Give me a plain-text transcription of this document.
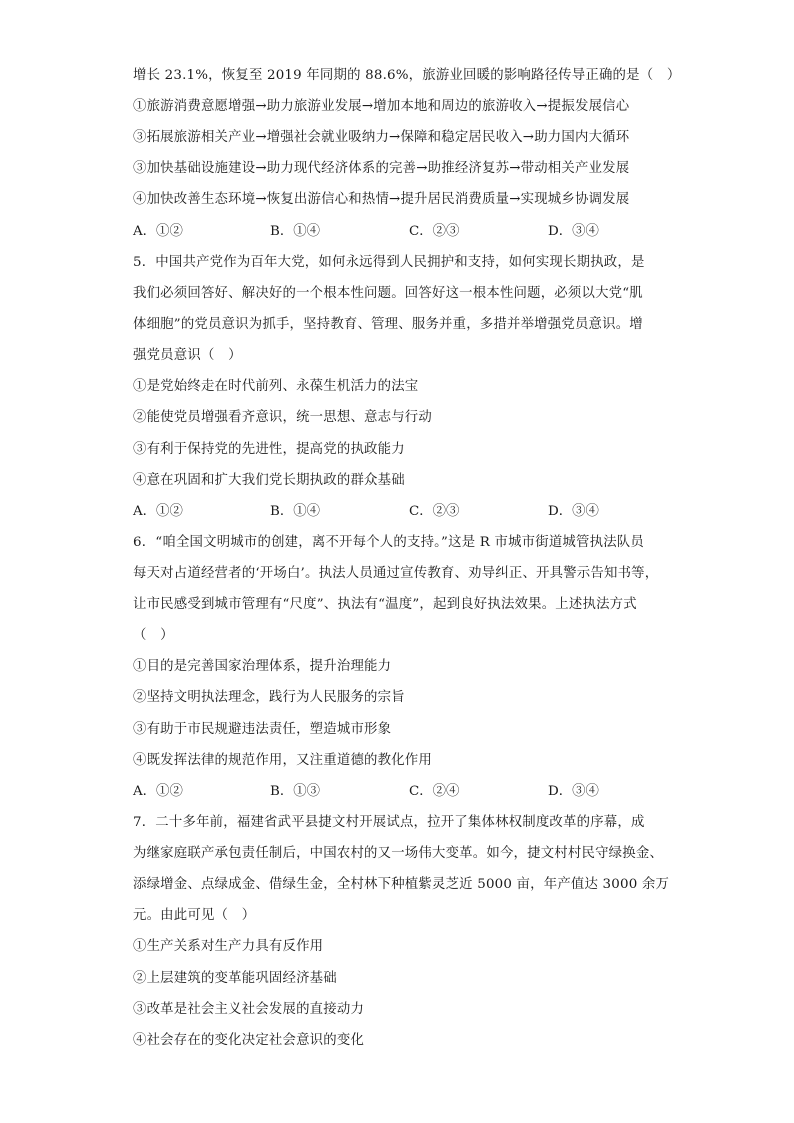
增长 23.1%，恢复至 2019 年同期的 88.6%，旅游业回暖的影响路径传导正确的是（　）
①旅游消费意愿增强→助力旅游业发展→增加本地和周边的旅游收入→提振发展信心
③拓展旅游相关产业→增强社会就业吸纳力→保障和稳定居民收入→助力国内大循环
③加快基础设施建设→助力现代经济体系的完善→助推经济复苏→带动相关产业发展
④加快改善生态环境→恢复出游信心和热情→提升居民消费质量→实现城乡协调发展
A．①②	B．①④	C．②③	D．③④
5．中国共产党作为百年大党，如何永远得到人民拥护和支持，如何实现长期执政，是
我们必须回答好、解决好的一个根本性问题。回答好这一根本性问题，必须以大党“肌
体细胞”的党员意识为抓手，坚持教育、管理、服务并重，多措并举增强党员意识。增
强党员意识（　）
①是党始终走在时代前列、永葆生机活力的法宝
②能使党员增强看齐意识，统一思想、意志与行动
③有利于保持党的先进性，提高党的执政能力
④意在巩固和扩大我们党长期执政的群众基础
A．①②	B．①④	C．②③	D．③④
6．“咱全国文明城市的创建，离不开每个人的支持。”这是 R 市城市街道城管执法队员
每天对占道经营者的‘开场白’。执法人员通过宣传教育、劝导纠正、开具警示告知书等，
让市民感受到城市管理有“尺度”、执法有“温度”，起到良好执法效果。上述执法方式
（　）
①目的是完善国家治理体系，提升治理能力
②坚持文明执法理念，践行为人民服务的宗旨
③有助于市民规避违法责任，塑造城市形象
④既发挥法律的规范作用，又注重道德的教化作用
A．①②	B．①③	C．②④	D．③④
7．二十多年前，福建省武平县捷文村开展试点，拉开了集体林权制度改革的序幕，成
为继家庭联产承包责任制后，中国农村的又一场伟大变革。如今，捷文村村民守绿换金、
添绿增金、点绿成金、借绿生金，全村林下种植紫灵芝近 5000 亩，年产值达 3000 余万
元。由此可见（　）
①生产关系对生产力具有反作用
②上层建筑的变革能巩固经济基础
③改革是社会主义社会发展的直接动力
④社会存在的变化决定社会意识的变化
